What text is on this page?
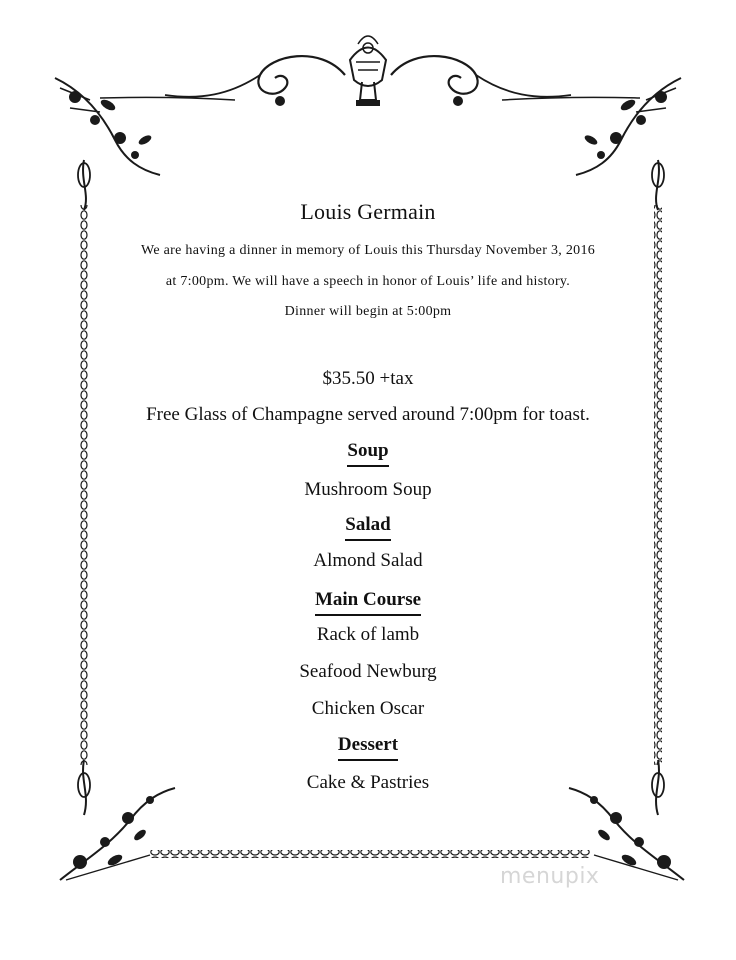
Louis Germain
We are having a dinner in memory of Louis this Thursday November 3, 2016
at 7:00pm. We will have a speech in honor of Louis’ life and history.
Dinner will begin at 5:00pm
$35.50 +tax
Free Glass of Champagne served around 7:00pm for toast.
Soup
Mushroom Soup
Salad
Almond Salad
Main Course
Rack of lamb
Seafood Newburg
Chicken Oscar
Dessert
Cake & Pastries
menupix
